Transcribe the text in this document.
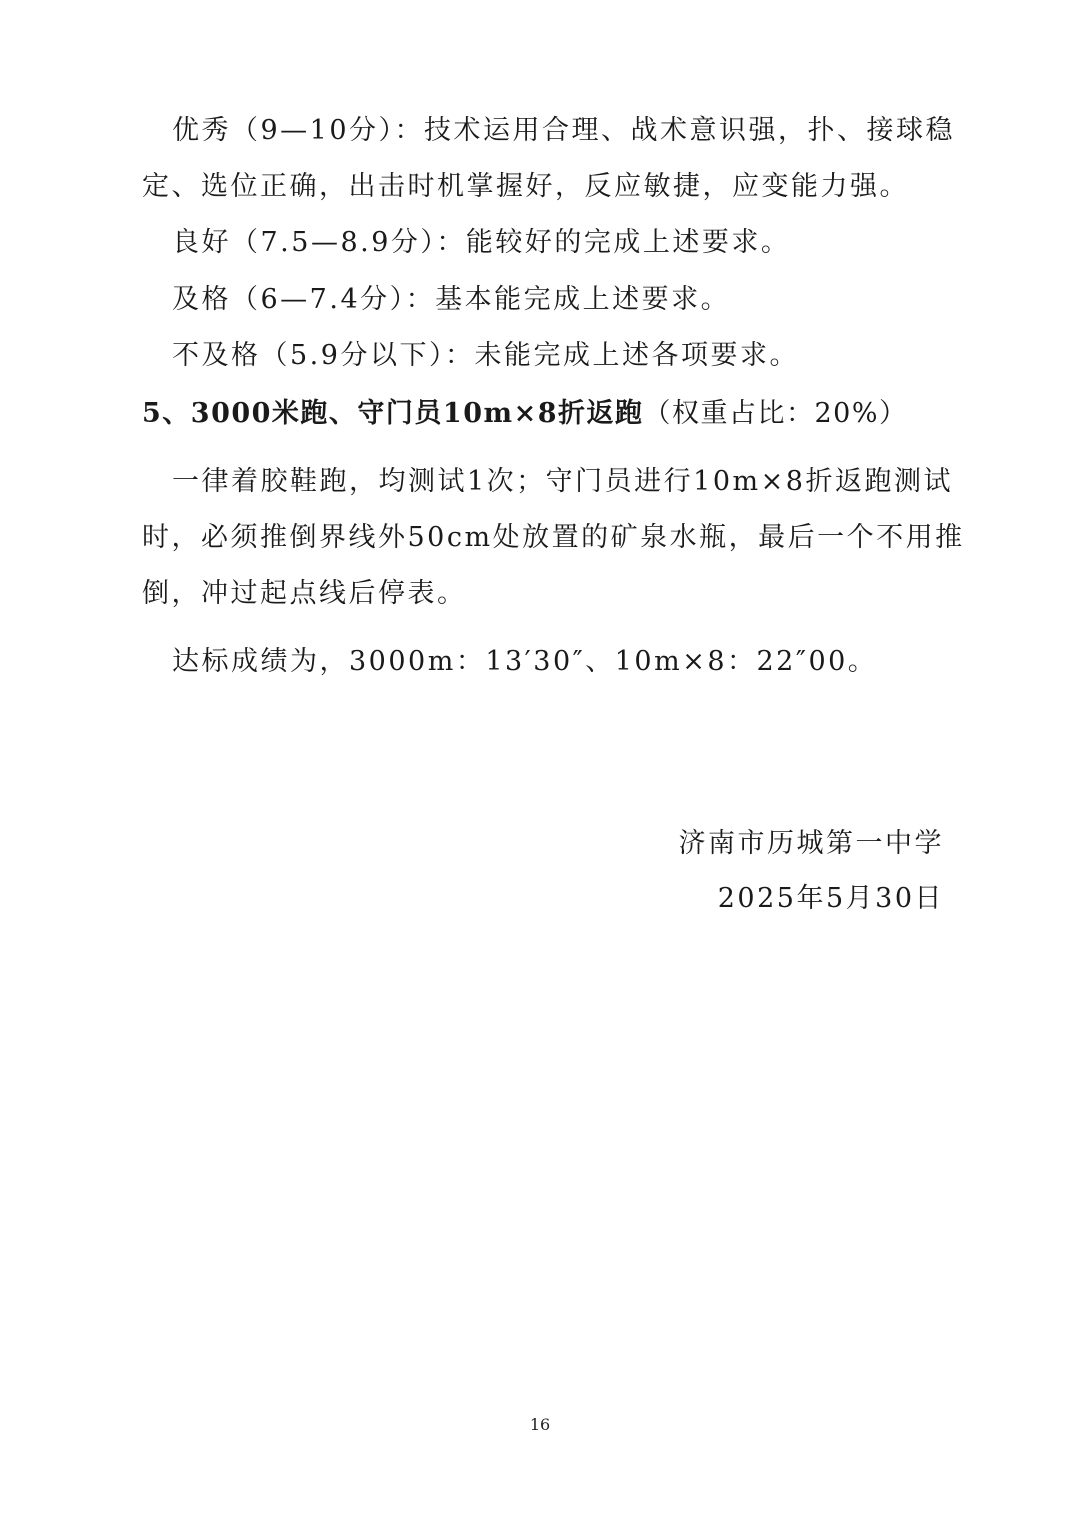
优秀（9—10分）：技术运用合理、战术意识强，扑、接球稳
定、选位正确，出击时机掌握好，反应敏捷，应变能力强。
良好（7.5—8.9分）：能较好的完成上述要求。
及格（6—7.4分）：基本能完成上述要求。
不及格（5.9分以下）：未能完成上述各项要求。
5、3000米跑、守门员10m×8折返跑（权重占比：20%）
一律着胶鞋跑，均测试1次；守门员进行10m×8折返跑测试
时，必须推倒界线外50cm处放置的矿泉水瓶，最后一个不用推
倒，冲过起点线后停表。
达标成绩为，3000m：13′30″、10m×8：22″00。
济南市历城第一中学
2025年5月30日
16
